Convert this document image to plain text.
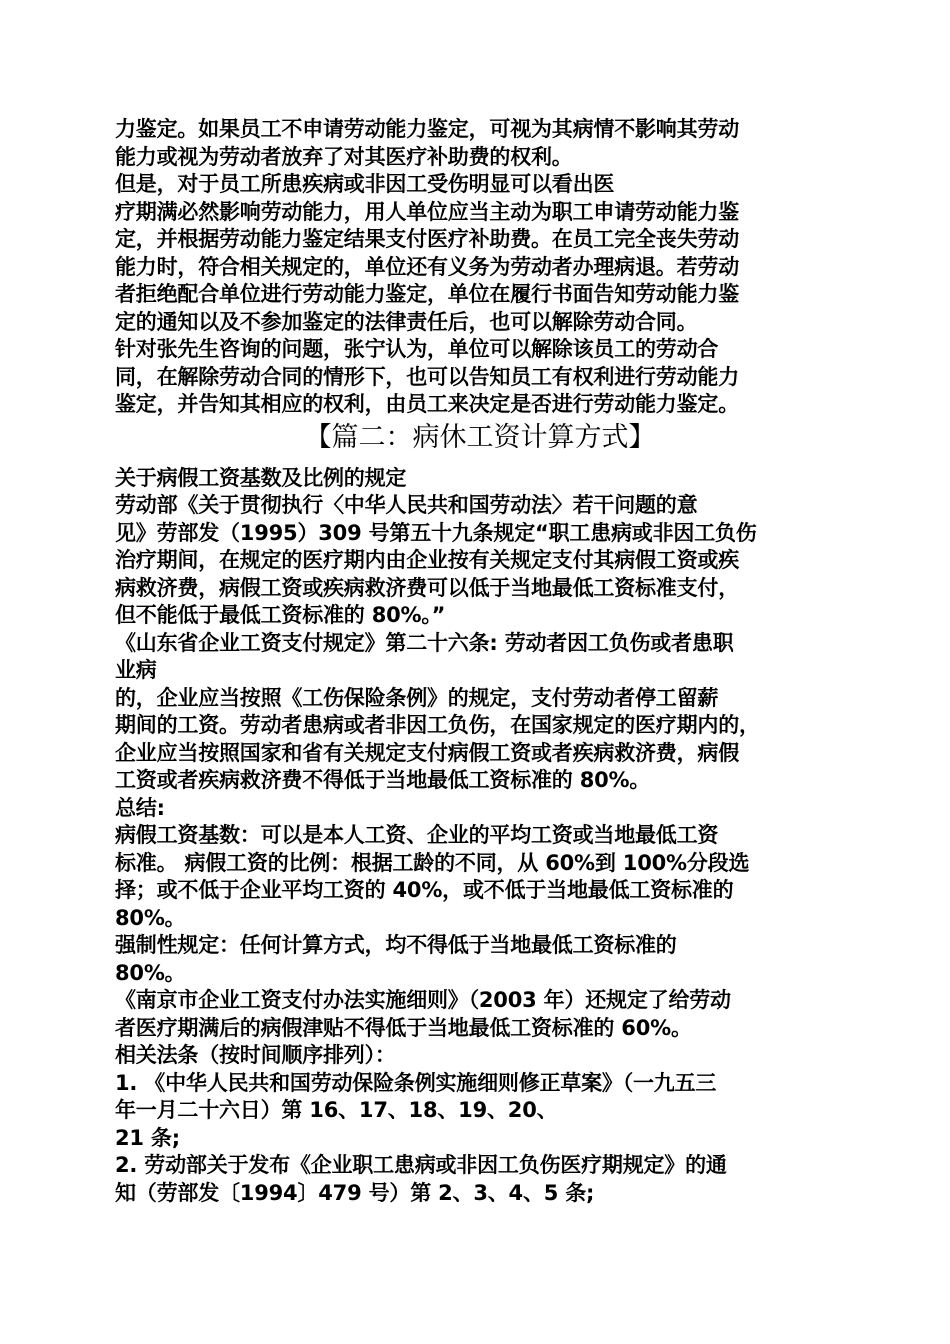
力鉴定。如果员工不申请劳动能力鉴定，可视为其病情不影响其劳动
能力或视为劳动者放弃了对其医疗补助费的权利。
但是，对于员工所患疾病或非因工受伤明显可以看出医
疗期满必然影响劳动能力，用人单位应当主动为职工申请劳动能力鉴
定，并根据劳动能力鉴定结果支付医疗补助费。在员工完全丧失劳动
能力时，符合相关规定的，单位还有义务为劳动者办理病退。若劳动
者拒绝配合单位进行劳动能力鉴定，单位在履行书面告知劳动能力鉴
定的通知以及不参加鉴定的法律责任后，也可以解除劳动合同。
针对张先生咨询的问题，张宁认为，单位可以解除该员工的劳动合
同，在解除劳动合同的情形下，也可以告知员工有权利进行劳动能力
鉴定，并告知其相应的权利，由员工来决定是否进行劳动能力鉴定。
【篇二：病休工资计算方式】
关于病假工资基数及比例的规定
劳动部《关于贯彻执行〈中华人民共和国劳动法〉若干问题的意
见》劳部发（1995）309 号第五十九条规定“职工患病或非因工负伤
治疗期间，在规定的医疗期内由企业按有关规定支付其病假工资或疾
病救济费，病假工资或疾病救济费可以低于当地最低工资标准支付，
但不能低于最低工资标准的 80%。”
《山东省企业工资支付规定》第二十六条: 劳动者因工负伤或者患职
业病
的，企业应当按照《工伤保险条例》的规定，支付劳动者停工留薪
期间的工资。劳动者患病或者非因工负伤，在国家规定的医疗期内的，
企业应当按照国家和省有关规定支付病假工资或者疾病救济费，病假
工资或者疾病救济费不得低于当地最低工资标准的 80%。
总结:
病假工资基数：可以是本人工资、企业的平均工资或当地最低工资
标准。 病假工资的比例：根据工龄的不同，从 60%到 100%分段选
择；或不低于企业平均工资的 40%，或不低于当地最低工资标准的
80%。
强制性规定：任何计算方式，均不得低于当地最低工资标准的
80%。
《南京市企业工资支付办法实施细则》（2003 年）还规定了给劳动
者医疗期满后的病假津贴不得低于当地最低工资标准的 60%。
相关法条（按时间顺序排列）：
1. 《中华人民共和国劳动保险条例实施细则修正草案》（一九五三
年一月二十六日）第 16、17、18、19、20、
21 条;
2. 劳动部关于发布《企业职工患病或非因工负伤医疗期规定》的通
知（劳部发〔1994〕479 号）第 2、3、4、5 条;
